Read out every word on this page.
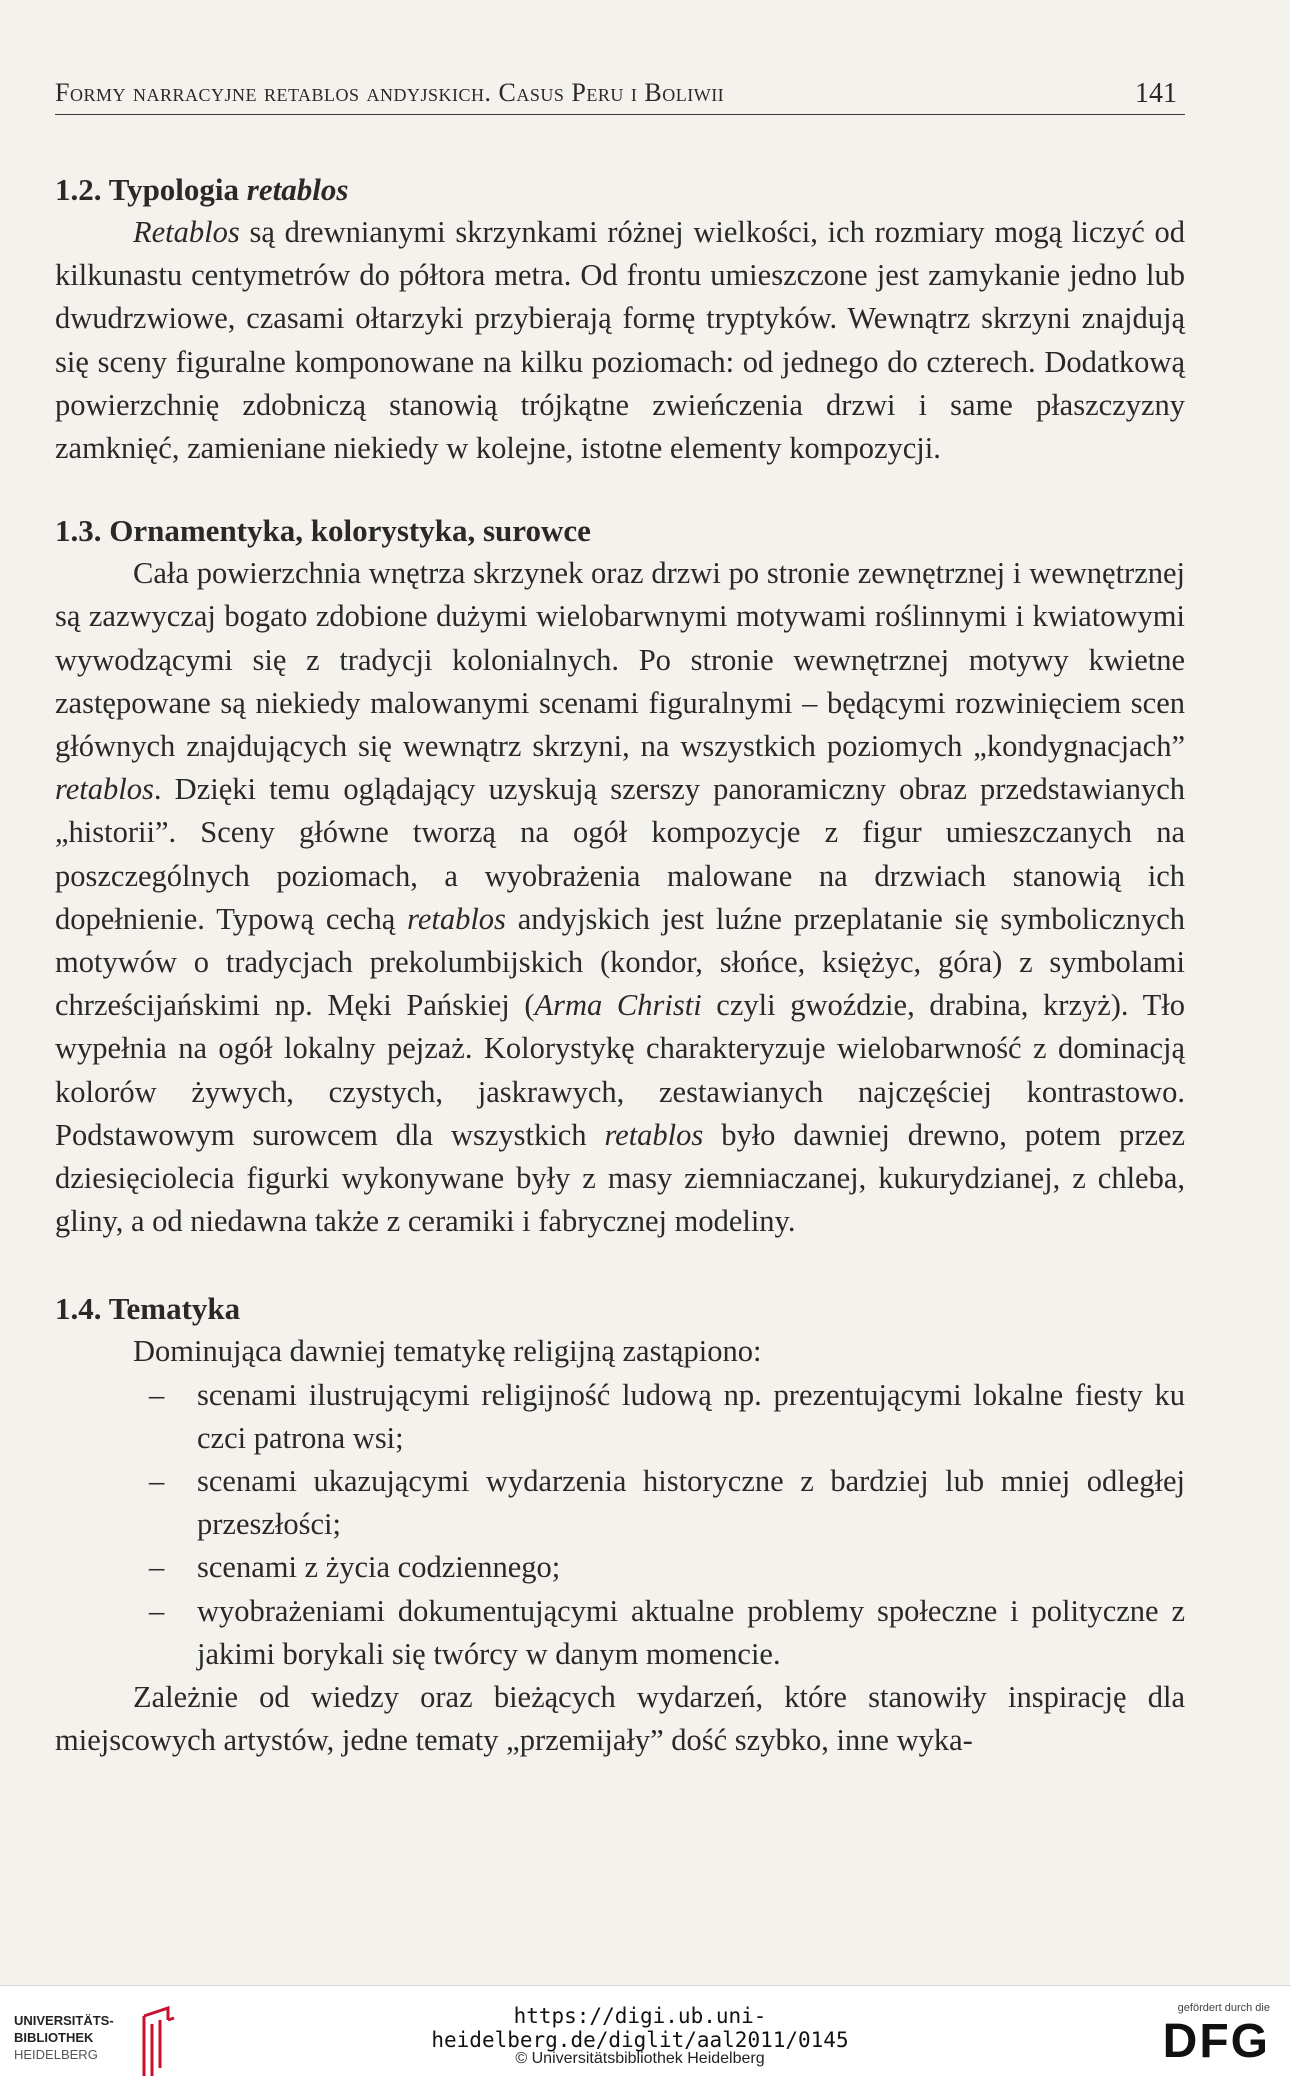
Formy narracyjne retablos andyjskich. Casus Peru i Boliwii	141
1.2. Typologia retablos

Retablos są drewnianymi skrzynkami różnej wielkości, ich rozmiary mogą liczyć od kilkunastu centymetrów do półtora metra. Od frontu umieszczone jest zamykanie jedno lub dwudrzwiowe, czasami ołtarzyki przybierają formę tryptyków. Wewnątrz skrzyni znajdują się sceny figuralne komponowane na kilku poziomach: od jednego do czterech. Dodatkową powierzchnię zdobniczą stanowią trójkątne zwieńczenia drzwi i same płaszczyzny zamknięć, zamieniane niekiedy w kolejne, istotne elementy kompozycji.

1.3. Ornamentyka, kolorystyka, surowce

Cała powierzchnia wnętrza skrzynek oraz drzwi po stronie zewnętrznej i wewnętrznej są zazwyczaj bogato zdobione dużymi wielobarwnymi motywami roślinnymi i kwiatowymi wywodzącymi się z tradycji kolonialnych. Po stronie wewnętrznej motywy kwietne zastępowane są niekiedy malowanymi scenami figuralnymi – będącymi rozwinięciem scen głównych znajdujących się wewnątrz skrzyni, na wszystkich poziomych „kondygnacjach” retablos. Dzięki temu oglądający uzyskują szerszy panoramiczny obraz przedstawianych „historii”. Sceny główne tworzą na ogół kompozycje z figur umieszczanych na poszczególnych poziomach, a wyobrażenia malowane na drzwiach stanowią ich dopełnienie. Typową cechą retablos andyjskich jest luźne przeplatanie się symbolicznych motywów o tradycjach prekolumbijskich (kondor, słońce, księżyc, góra) z symbolami chrześcijańskimi np. Męki Pańskiej (Arma Christi czyli gwoździe, drabina, krzyż). Tło wypełnia na ogół lokalny pejzaż. Kolorystykę charakteryzuje wielobarwność z dominacją kolorów żywych, czystych, jaskrawych, zestawianych najczęściej kontrastowo. Podstawowym surowcem dla wszystkich retablos było dawniej drewno, potem przez dziesięciolecia figurki wykonywane były z masy ziemniaczanej, kukurydzianej, z chleba, gliny, a od niedawna także z ceramiki i fabrycznej modeliny.

1.4. Tematyka

Dominująca dawniej tematykę religijną zastąpiono:

– scenami ilustrującymi religijność ludową np. prezentującymi lokalne fiesty ku czci patrona wsi;
– scenami ukazującymi wydarzenia historyczne z bardziej lub mniej odległej przeszłości;
– scenami z życia codziennego;
– wyobrażeniami dokumentującymi aktualne problemy społeczne i polityczne z jakimi borykali się twórcy w danym momencie.

Zależnie od wiedzy oraz bieżących wydarzeń, które stanowiły inspirację dla miejscowych artystów, jedne tematy „przemijały” dość szybko, inne wyka-

UNIVERSITÄTS-
BIBLIOTHEK
HEIDELBERG
https://digi.ub.uni-heidelberg.de/diglit/aal2011/0145
© Universitätsbibliothek Heidelberg
gefördert durch die
DFG
